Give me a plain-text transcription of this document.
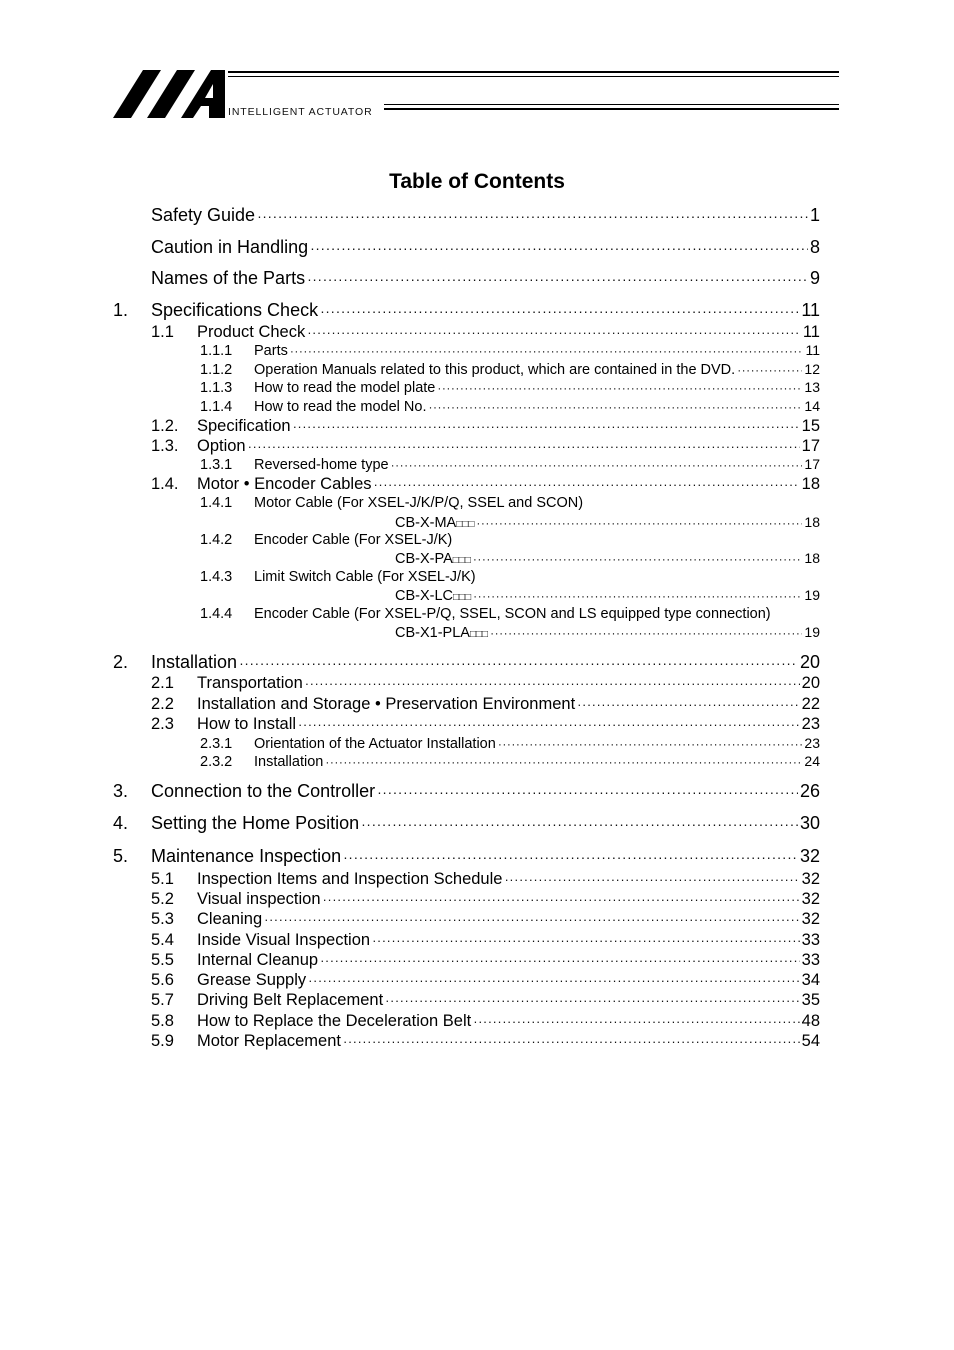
INTELLIGENT ACTUATOR
Table of Contents
Safety Guide ·····	1
Caution in Handling ·····	8
Names of the Parts ·····	9
1.	Specifications Check ·····	11
1.1	Product Check ·····	11
1.1.1	Parts ·····	11
1.1.2	Operation Manuals related to this product, which are contained in the DVD. ·····	12
1.1.3	How to read the model plate ·····	13
1.1.4	How to read the model No. ·····	14
1.2.	Specification ·····	15
1.3.	Option ·····	17
1.3.1	Reversed-home type ·····	17
1.4.	Motor • Encoder Cables ·····	18
1.4.1	Motor Cable (For XSEL-J/K/P/Q, SSEL and SCON)
CB-X-MA □□□ ·····	18
1.4.2	Encoder Cable (For XSEL-J/K)
CB-X-PA □□□ ·····	18
1.4.3	Limit Switch Cable (For XSEL-J/K)
CB-X-LC □□□ ·····	19
1.4.4	Encoder Cable (For XSEL-P/Q, SSEL, SCON and LS equipped type connection)
CB-X1-PLA □□□ ·····	19
2.	Installation ·····	20
2.1	Transportation ·····	20
2.2	Installation and Storage • Preservation Environment ·····	22
2.3	How to Install ·····	23
2.3.1	Orientation of the Actuator Installation ·····	23
2.3.2	Installation ·····	24
3.	Connection to the Controller ·····	26
4.	Setting the Home Position ·····	30
5.	Maintenance Inspection ·····	32
5.1	Inspection Items and Inspection Schedule ·····	32
5.2	Visual inspection ·····	32
5.3	Cleaning ·····	32
5.4	Inside Visual Inspection ·····	33
5.5	Internal Cleanup ·····	33
5.6	Grease Supply ·····	34
5.7	Driving Belt Replacement ·····	35
5.8	How to Replace the Deceleration Belt ·····	48
5.9	Motor Replacement ·····	54
